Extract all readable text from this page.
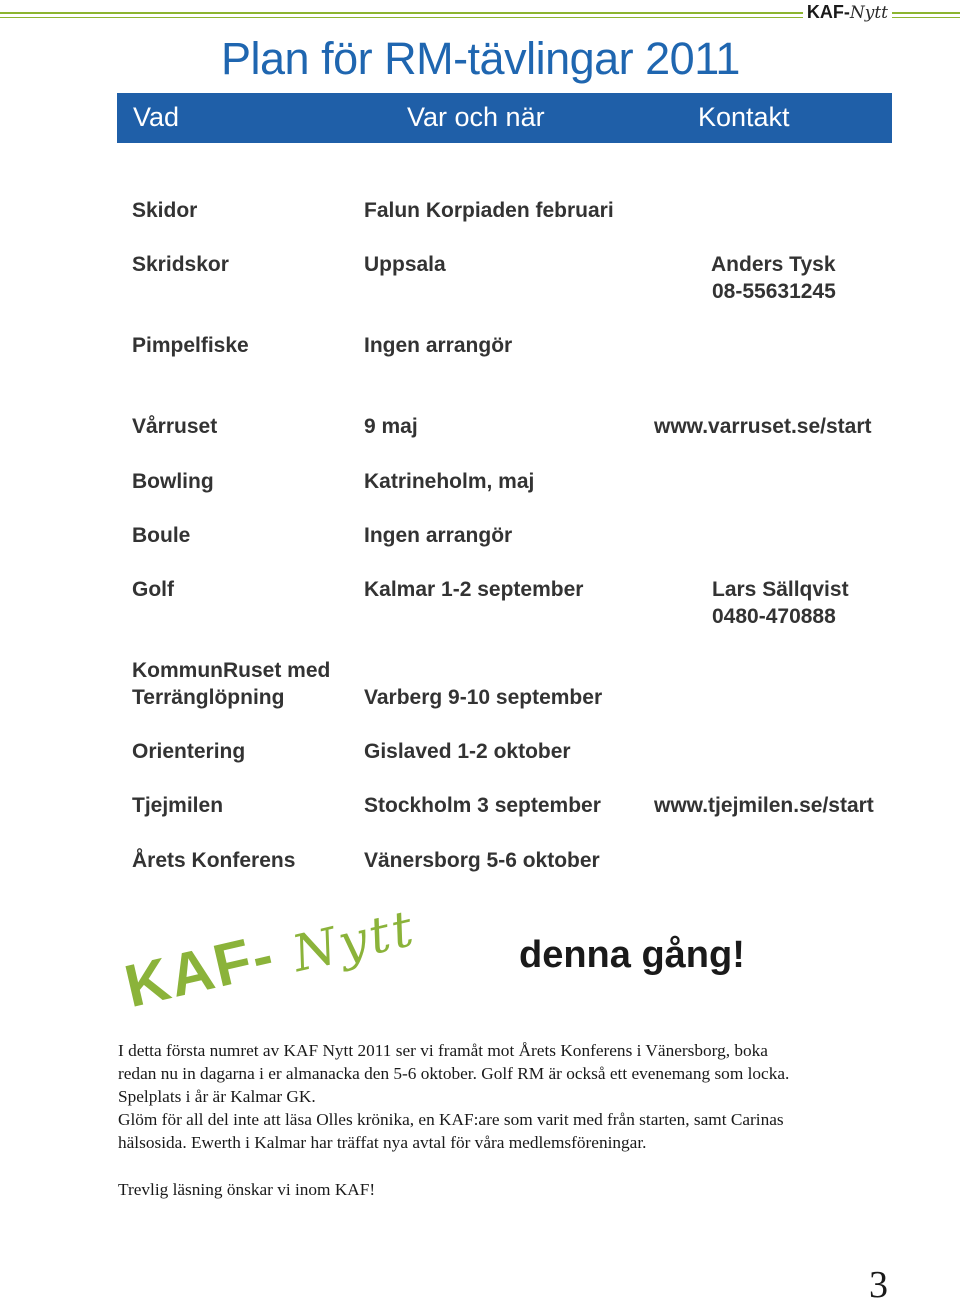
KAF-Nytt
Plan för RM-tävlingar 2011
Vad	Var och när	Kontakt
Skidor	Falun Korpiaden februari
Skridskor	Uppsala	Anders Tysk
08-55631245
Pimpelfiske	Ingen arrangör
Vårruset	9 maj	www.varruset.se/start
Bowling	Katrineholm, maj
Boule	Ingen arrangör
Golf	Kalmar 1-2 september	Lars Sällqvist
0480-470888
KommunRuset med
Terränglöpning	Varberg 9-10 september
Orientering	Gislaved 1-2 oktober
Tjejmilen	Stockholm 3 september	www.tjejmilen.se/start
Årets Konferens	Vänersborg 5-6 oktober
KAF- Nytt	denna gång!
I detta första numret av KAF Nytt 2011 ser vi framåt mot Årets Konferens i Vänersborg, boka
redan nu in dagarna i er almanacka den 5-6 oktober. Golf RM är också ett evenemang som locka.
Spelplats i år är Kalmar GK.
Glöm för all del inte att läsa Olles krönika, en KAF:are som varit med från starten, samt Carinas
hälsosida. Ewerth i Kalmar har träffat nya avtal för våra medlemsföreningar.
Trevlig läsning önskar vi inom KAF!
3
